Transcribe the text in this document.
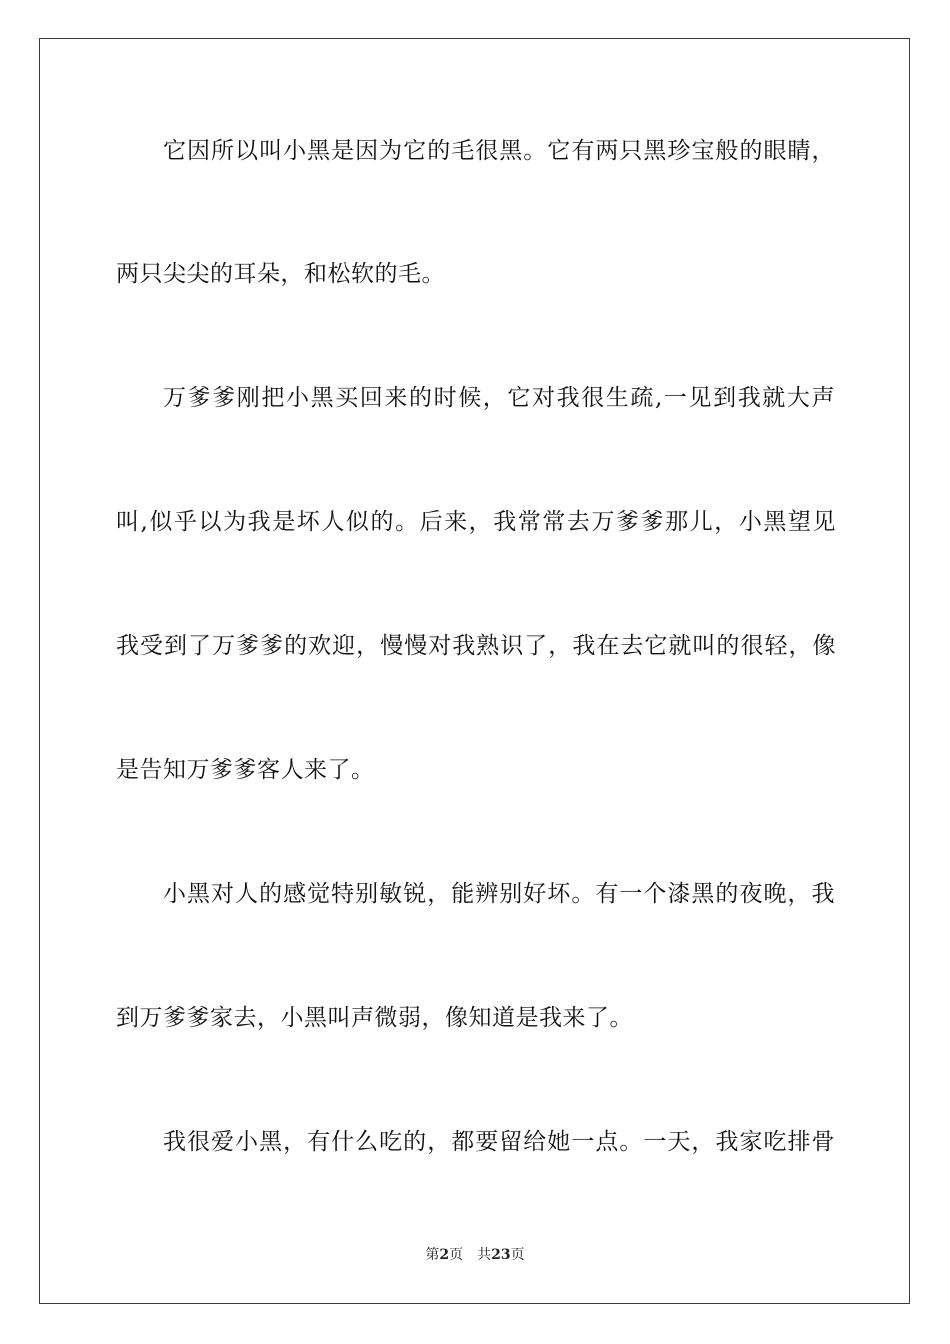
它因所以叫小黑是因为它的毛很黑。它有两只黑珍宝般的眼睛，
两只尖尖的耳朵，和松软的毛。
万爹爹刚把小黑买回来的时候，它对我很生疏,一见到我就大声
叫,似乎以为我是坏人似的。后来，我常常去万爹爹那儿，小黑望见
我受到了万爹爹的欢迎，慢慢对我熟识了，我在去它就叫的很轻，像
是告知万爹爹客人来了。
小黑对人的感觉特别敏锐，能辨别好坏。有一个漆黑的夜晚，我
到万爹爹家去，小黑叫声微弱，像知道是我来了。
我很爱小黑，有什么吃的，都要留给她一点。一天，我家吃排骨
第2页 共23页
